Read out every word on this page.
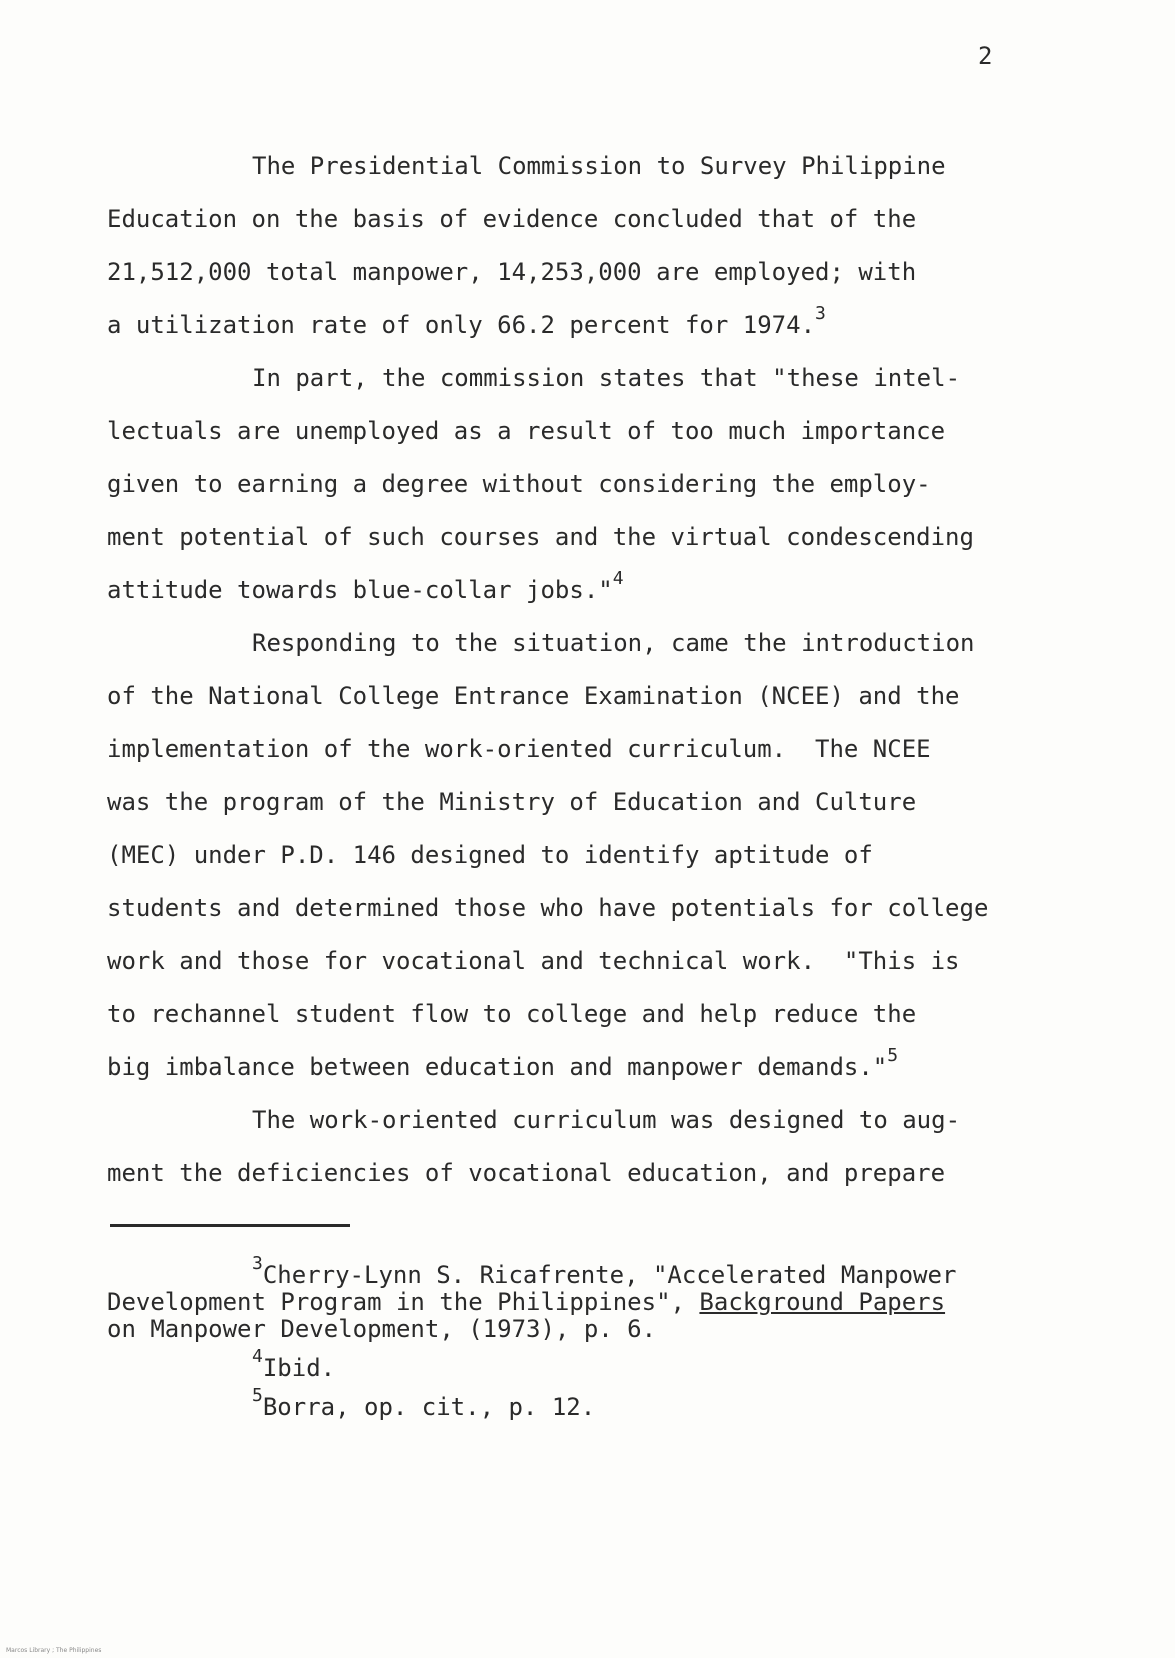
2

The Presidential Commission to Survey Philippine
Education on the basis of evidence concluded that of the
21,512,000 total manpower, 14,253,000 are employed; with
a utilization rate of only 66.2 percent for 1974.$^3$

In part, the commission states that "these intel-
lectuals are unemployed as a result of too much importance
given to earning a degree without considering the employ-
ment potential of such courses and the virtual condescending
attitude towards blue-collar jobs."$^4$

Responding to the situation, came the introduction
of the National College Entrance Examination (NCEE) and the
implementation of the work-oriented curriculum.  The NCEE
was the program of the Ministry of Education and Culture
(MEC) under P.D. 146 designed to identify aptitude of
students and determined those who have potentials for college
work and those for vocational and technical work.  "This is
to rechannel student flow to college and help reduce the
big imbalance between education and manpower demands."$^5$

The work-oriented curriculum was designed to aug-
ment the deficiencies of vocational education, and prepare

$^3$Cherry-Lynn S. Ricafrente, "Accelerated Manpower
Development Program in the Philippines", Background Papers
on Manpower Development, (1973), p. 6.
$^4$Ibid.
$^5$Borra, op. cit., p. 12.
Marcos Library ; The Philippines
